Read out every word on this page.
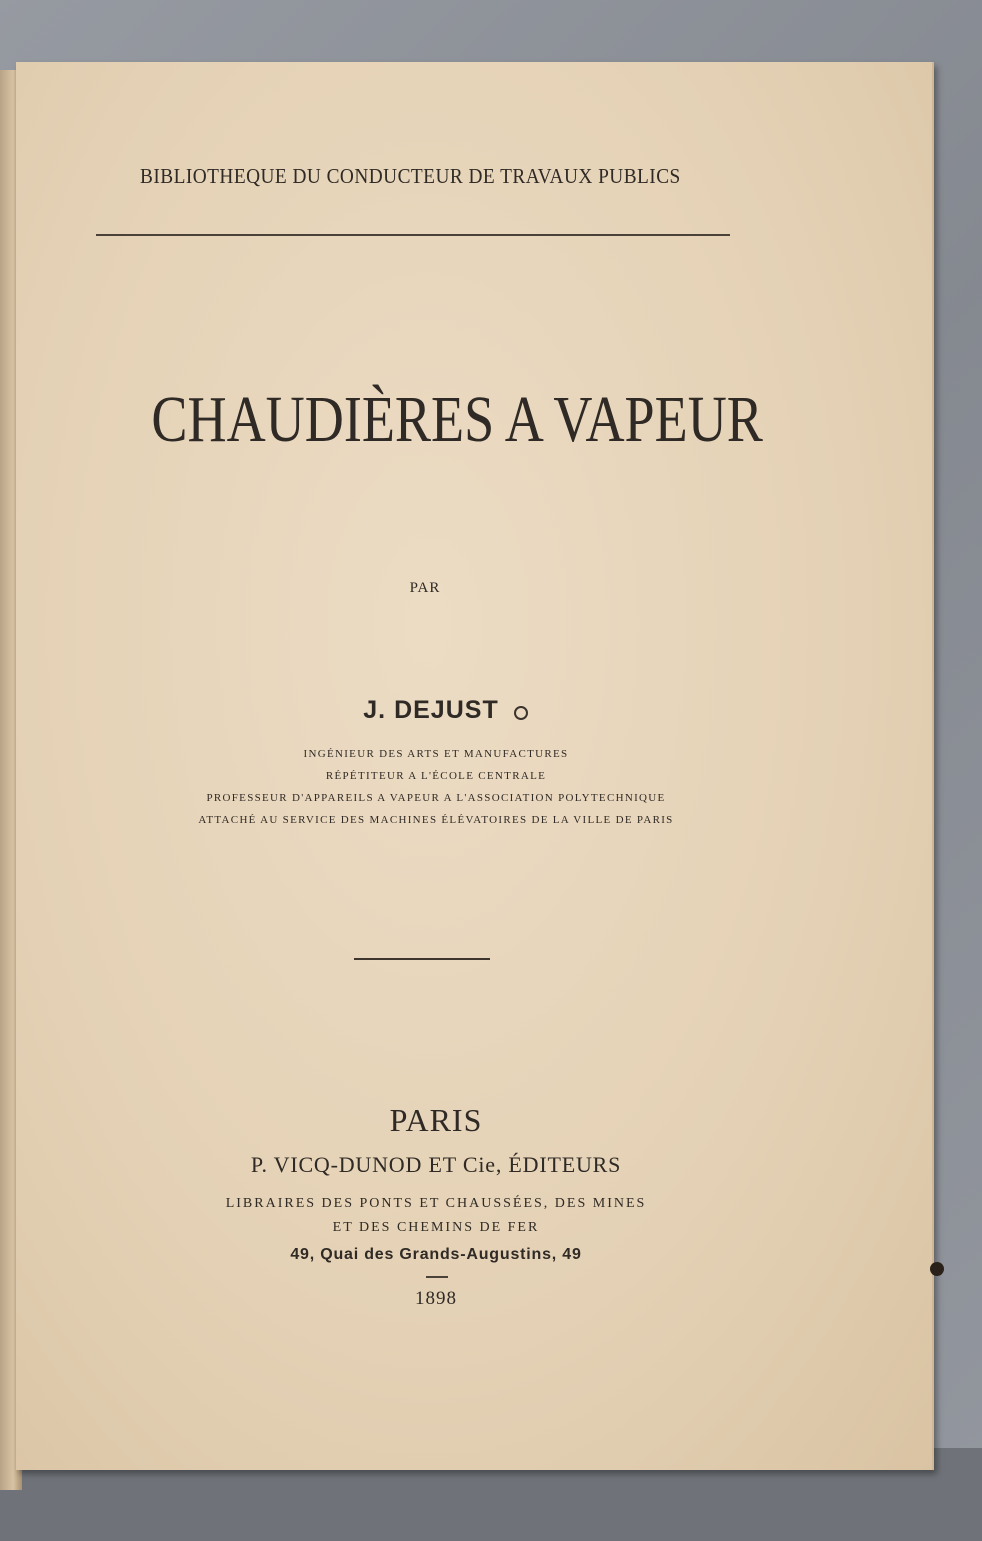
BIBLIOTHEQUE DU CONDUCTEUR DE TRAVAUX PUBLICS
CHAUDIÈRES A VAPEUR
PAR
J. DEJUST
INGÉNIEUR DES ARTS ET MANUFACTURES
RÉPÉTITEUR A L'ÉCOLE CENTRALE
PROFESSEUR D'APPAREILS A VAPEUR A L'ASSOCIATION POLYTECHNIQUE
ATTACHÉ AU SERVICE DES MACHINES ÉLÉVATOIRES DE LA VILLE DE PARIS
PARIS
P. VICQ-DUNOD ET Cie, ÉDITEURS
LIBRAIRES DES PONTS ET CHAUSSÉES, DES MINES
ET DES CHEMINS DE FER
49, Quai des Grands-Augustins, 49
1898
